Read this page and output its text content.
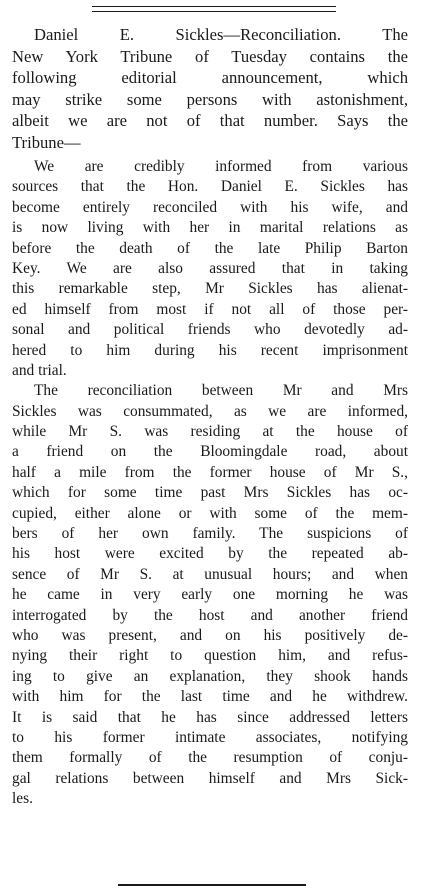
Daniel E. Sickles—Reconciliation. The
New York Tribune of Tuesday contains the
following editorial announcement, which
may strike some persons with astonishment,
albeit we are not of that number. Says the
Tribune—
We are credibly informed from various
sources that the Hon. Daniel E. Sickles has
become entirely reconciled with his wife, and
is now living with her in marital relations as
before the death of the late Philip Barton
Key. We are also assured that in taking
this remarkable step, Mr Sickles has alienat-
ed himself from most if not all of those per-
sonal and political friends who devotedly ad-
hered to him during his recent imprisonment
and trial.
The reconciliation between Mr and Mrs
Sickles was consummated, as we are informed,
while Mr S. was residing at the house of
a friend on the Bloomingdale road, about
half a mile from the former house of Mr S.,
which for some time past Mrs Sickles has oc-
cupied, either alone or with some of the mem-
bers of her own family. The suspicions of
his host were excited by the repeated ab-
sence of Mr S. at unusual hours; and when
he came in very early one morning he was
interrogated by the host and another friend
who was present, and on his positively de-
nying their right to question him, and refus-
ing to give an explanation, they shook hands
with him for the last time and he withdrew.
It is said that he has since addressed letters
to his former intimate associates, notifying
them formally of the resumption of conju-
gal relations between himself and Mrs Sick-
les.
